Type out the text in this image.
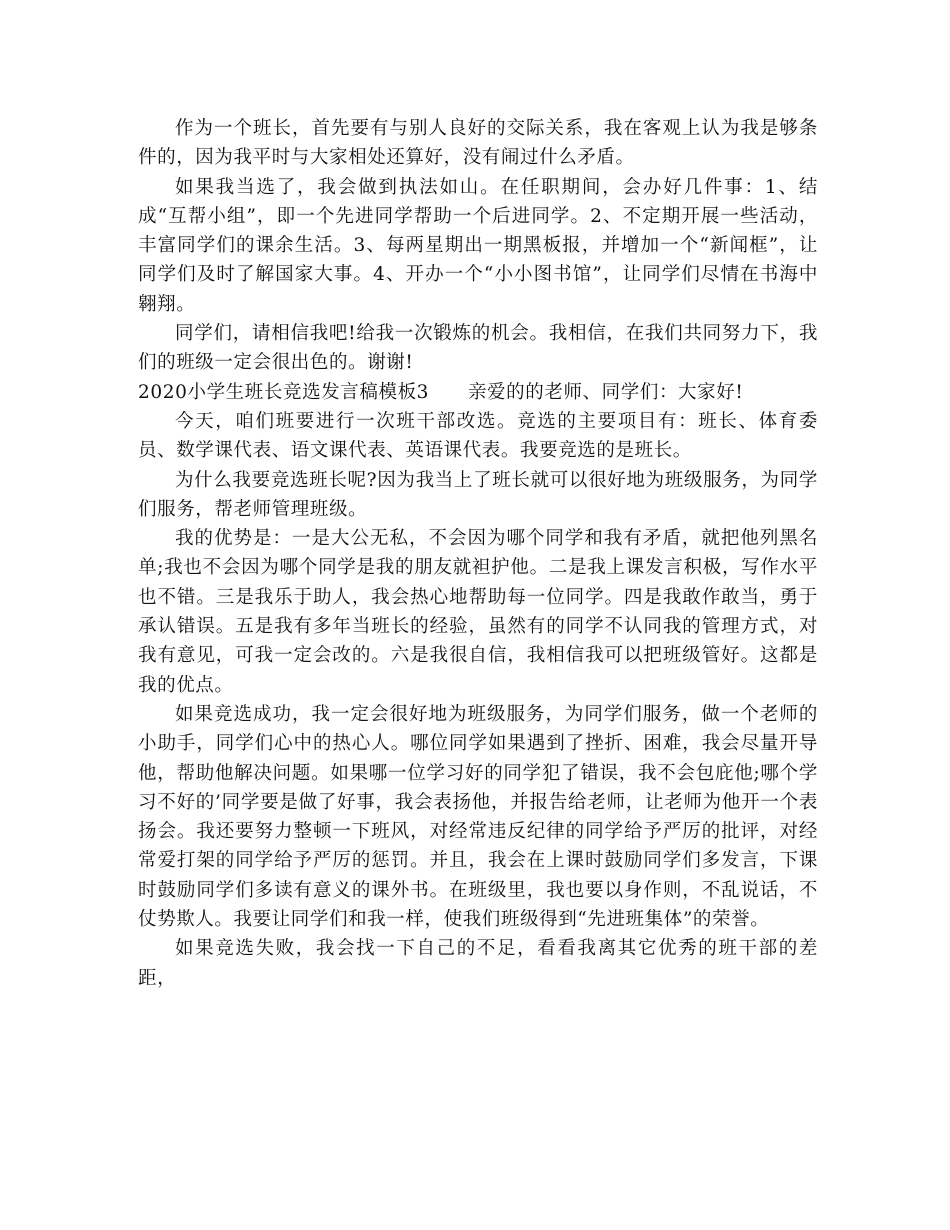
作为一个班长，首先要有与别人良好的交际关系，我在客观上认为我是够条件的，因为我平时与大家相处还算好，没有闹过什么矛盾。

如果我当选了，我会做到执法如山。在任职期间，会办好几件事：1、结成“互帮小组”，即一个先进同学帮助一个后进同学。2、不定期开展一些活动，丰富同学们的课余生活。3、每两星期出一期黑板报，并增加一个“新闻框”，让同学们及时了解国家大事。4、开办一个“小小图书馆”，让同学们尽情在书海中翱翔。

同学们，请相信我吧!给我一次锻炼的机会。我相信，在我们共同努力下，我们的班级一定会很出色的。谢谢!

2020小学生班长竞选发言稿模板3 亲爱的的老师、同学们：大家好!

今天，咱们班要进行一次班干部改选。竞选的主要项目有：班长、体育委员、数学课代表、语文课代表、英语课代表。我要竞选的是班长。

为什么我要竞选班长呢?因为我当上了班长就可以很好地为班级服务，为同学们服务，帮老师管理班级。

我的优势是：一是大公无私，不会因为哪个同学和我有矛盾，就把他列黑名单;我也不会因为哪个同学是我的朋友就袒护他。二是我上课发言积极，写作水平也不错。三是我乐于助人，我会热心地帮助每一位同学。四是我敢作敢当，勇于承认错误。五是我有多年当班长的经验，虽然有的同学不认同我的管理方式，对我有意见，可我一定会改的。六是我很自信，我相信我可以把班级管好。这都是我的优点。

如果竞选成功，我一定会很好地为班级服务，为同学们服务，做一个老师的小助手，同学们心中的热心人。哪位同学如果遇到了挫折、困难，我会尽量开导他，帮助他解决问题。如果哪一位学习好的同学犯了错误，我不会包庇他;哪个学习不好的’同学要是做了好事，我会表扬他，并报告给老师，让老师为他开一个表扬会。我还要努力整顿一下班风，对经常违反纪律的同学给予严厉的批评，对经常爱打架的同学给予严厉的惩罚。并且，我会在上课时鼓励同学们多发言，下课时鼓励同学们多读有意义的课外书。在班级里，我也要以身作则，不乱说话，不仗势欺人。我要让同学们和我一样，使我们班级得到“先进班集体”的荣誉。

如果竞选失败，我会找一下自己的不足，看看我离其它优秀的班干部的差距，
